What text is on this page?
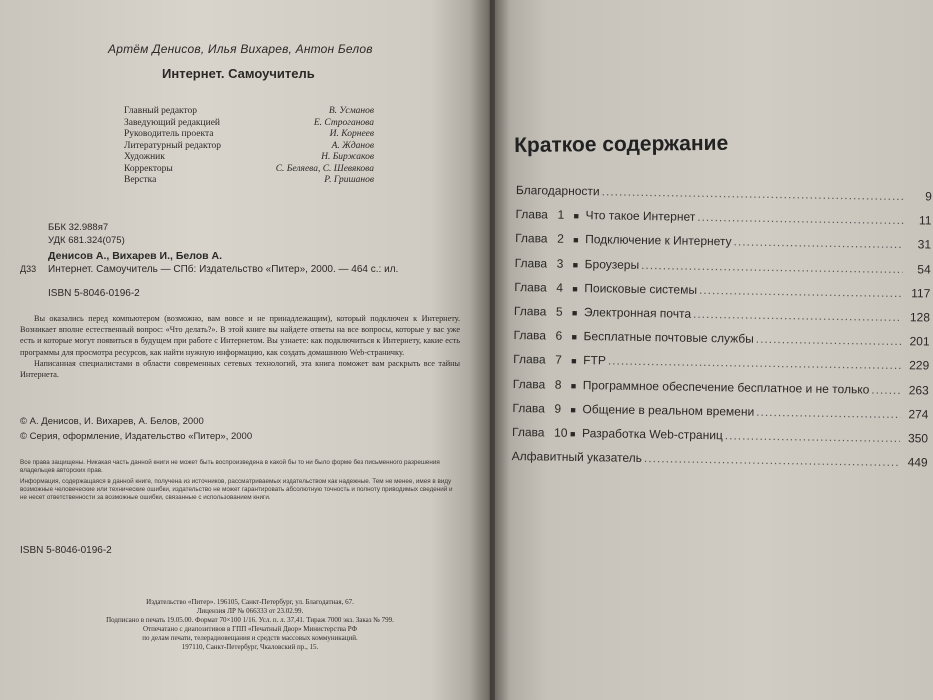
Артём Денисов, Илья Вихарев, Антон Белов
Интернет. Самоучитель
Главный редактор	В. Усманов
Заведующий редакцией	Е. Строганова
Руководитель проекта	И. Корнеев
Литературный редактор	А. Жданов
Художник	Н. Биржаков
Корректоры	С. Беляева, С. Шевякова
Верстка	Р. Гришанов
ББК 32.988я7
УДК 681.324(075)
Денисов А., Вихарев И., Белов А.
Д33 Интернет. Самоучитель — СПб: Издательство «Питер», 2000. — 464 с.: ил.
ISBN 5-8046-0196-2

Вы оказались перед компьютером (возможно, вам вовсе и не принадлежащим), который подключен к Интернету. Возникает вполне естественный вопрос: «Что делать?». В этой книге вы найдете ответы на все вопросы, которые у вас уже есть и которые могут появиться в будущем при работе с Интернетом. Вы узнаете: как подключиться к Интернету, какие есть программы для просмотра ресурсов, как найти нужную информацию, как создать домашнюю Web-страничку.

Написанная специалистами в области современных сетевых технологий, эта книга поможет вам раскрыть все тайны Интернета.

© А. Денисов, И. Вихарев, А. Белов, 2000
© Серия, оформление, Издательство «Питер», 2000

Все права защищены. Никакая часть данной книги не может быть воспроизведена в какой бы то ни было форме без письменного разрешения владельцев авторских прав.

Информация, содержащаяся в данной книге, получена из источников, рассматриваемых издательством как надежные. Тем не менее, имея в виду возможные человеческие или технические ошибки, издательство не может гарантировать абсолютную точность и полноту приводимых сведений и не несет ответственности за возможные ошибки, связанные с использованием книги.

ISBN 5-8046-0196-2
Издательство «Питер». 196105, Санкт-Петербург, ул. Благодатная, 67.
Лицензия ЛР № 066333 от 23.02.99.
Подписано в печать 19.05.00. Формат 70×100 1/16. Усл. п. л. 37,41. Тираж 7000 экз. Заказ № 799.
Отпечатано с диапозитивов в ГПП «Печатный Двор» Министерства РФ
по делам печати, телерадиовещания и средств массовых коммуникаций.
197110, Санкт-Петербург, Чкаловский пр., 15.
Краткое содержание
Благодарности .....	9
Глава 1	■ Что такое Интернет .....	11
Глава 2	■ Подключение к Интернету .....	31
Глава 3	■ Броузеры .....	54
Глава 4	■ Поисковые системы .....	117
Глава 5	■ Электронная почта .....	128
Глава 6	■ Бесплатные почтовые службы .....	201
Глава 7	■ FTP .....	229
Глава 8	■ Программное обеспечение бесплатное и не только .....	263
Глава 9	■ Общение в реальном времени .....	274
Глава 10 ■ Разработка Web-страниц .....	350
Алфавитный указатель .....	449
